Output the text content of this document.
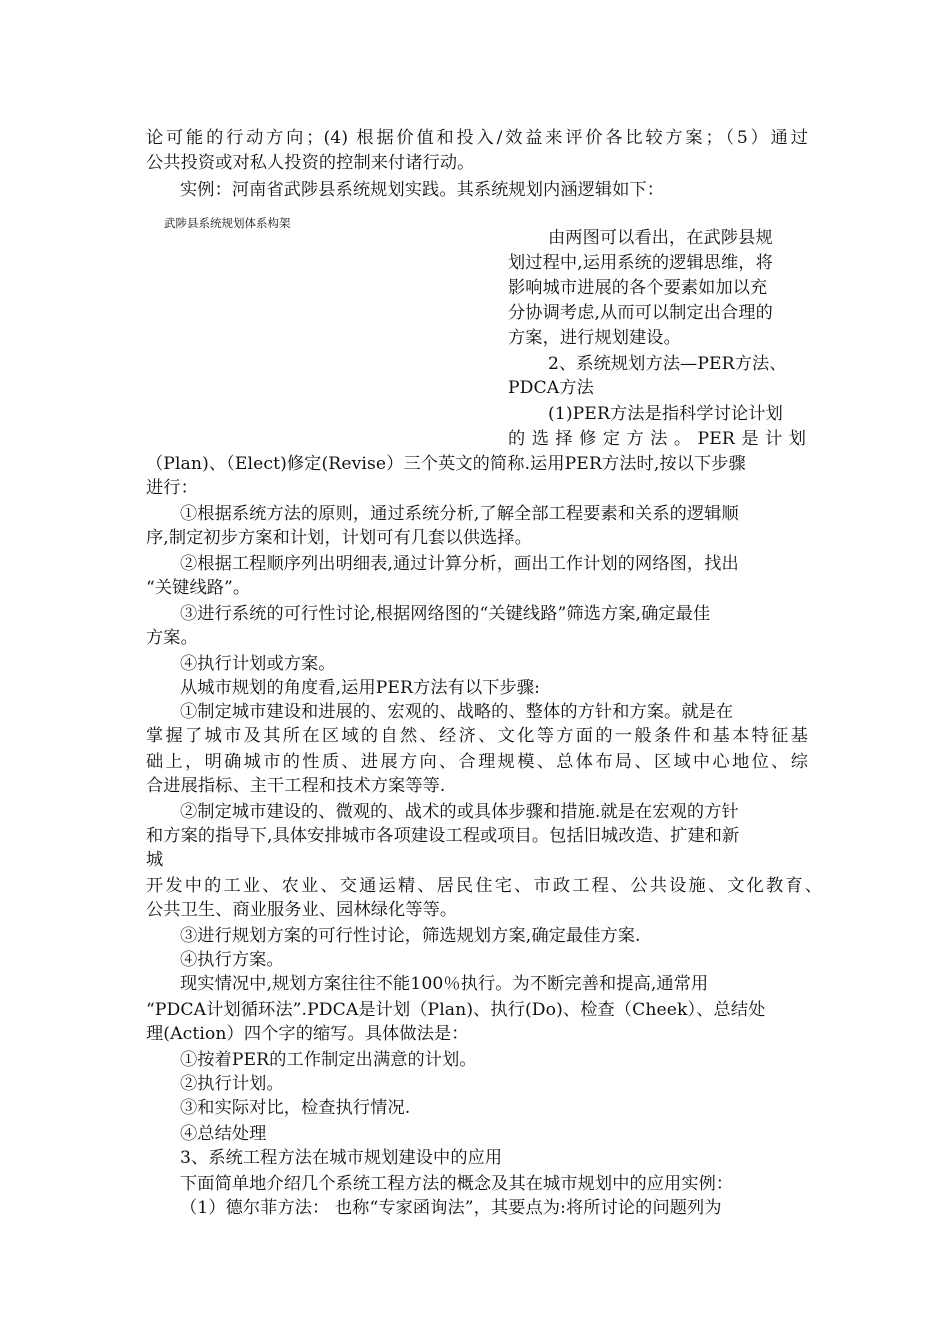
论可能的行动方向；(4) 根据价值和投入/效益来评价各比较方案；（5）通过
公共投资或对私人投资的控制来付诸行动。
实例：河南省武陟县系统规划实践。其系统规划内涵逻辑如下：
武陟县系统规划体系构架
由两图可以看出，在武陟县规
划过程中,运用系统的逻辑思维，将
影响城市进展的各个要素如加以充
分协调考虑,从而可以制定出合理的
方案，进行规划建设。
2、系统规划方法—PER方法、
PDCA方法
(1)PER方法是指科学讨论计划
的选择修定方法。PER是计划
（Plan)、（Elect)修定(Revise）三个英文的简称.运用PER方法时,按以下步骤
进行：
①根据系统方法的原则，通过系统分析,了解全部工程要素和关系的逻辑顺
序,制定初步方案和计划，计划可有几套以供选择。
②根据工程顺序列出明细表,通过计算分析，画出工作计划的网络图，找出
“关键线路”。
③进行系统的可行性讨论,根据网络图的“关键线路”筛选方案,确定最佳
方案。
④执行计划或方案。
从城市规划的角度看,运用PER方法有以下步骤:
①制定城市建设和进展的、宏观的、战略的、整体的方针和方案。就是在
掌握了城市及其所在区域的自然、经济、文化等方面的一般条件和基本特征基
础上，明确城市的性质、进展方向、合理规模、总体布局、区域中心地位、综
合进展指标、主干工程和技术方案等等.
②制定城市建设的、微观的、战术的或具体步骤和措施.就是在宏观的方针
和方案的指导下,具体安排城市各项建设工程或项目。包括旧城改造、扩建和新
城
开发中的工业、农业、交通运精、居民住宅、市政工程、公共设施、文化教育、
公共卫生、商业服务业、园林绿化等等。
③进行规划方案的可行性讨论，筛选规划方案,确定最佳方案.
④执行方案。
现实情况中,规划方案往往不能100％执行。为不断完善和提高,通常用
“PDCA计划循环法”.PDCA是计划（Plan)、执行(Do)、检查（Cheek）、总结处
理(Action）四个字的缩写。具体做法是：
①按着PER的工作制定出满意的计划。
②执行计划。
③和实际对比，检查执行情况.
④总结处理
3、系统工程方法在城市规划建设中的应用
下面简单地介绍几个系统工程方法的概念及其在城市规划中的应用实例：
（1）德尔菲方法： 也称“专家函询法”，其要点为:将所讨论的问题列为
